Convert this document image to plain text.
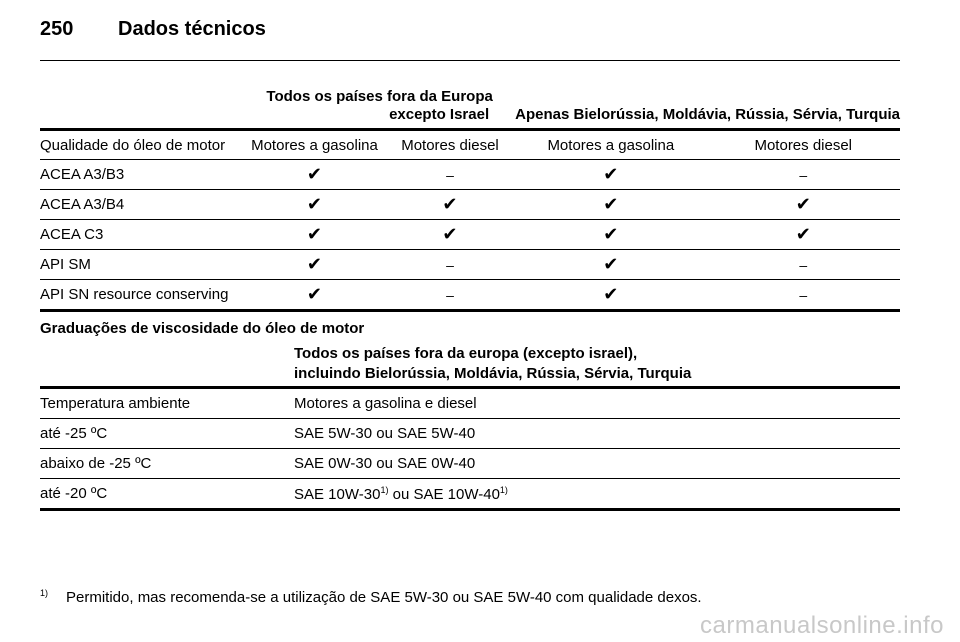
250 Dados técnicos

	Todos os países fora da Europa
excepto Israel		Apenas Bielorússia, Moldávia, Rússia, Sérvia, Turquia	
Qualidade do óleo de motor	Motores a gasolina	Motores diesel	Motores a gasolina	Motores diesel
ACEA A3/B3	✔	–	✔	–
ACEA A3/B4	✔	✔	✔	✔
ACEA C3	✔	✔	✔	✔
API SM	✔	–	✔	–
API SN resource conserving	✔	–	✔	–
Graduações de viscosidade do óleo de motor

	Todos os países fora da europa (excepto israel),
incluindo Bielorússia, Moldávia, Rússia, Sérvia, Turquia

Temperatura ambiente	Motores a gasolina e diesel
até -25 ºC	SAE 5W-30 ou SAE 5W-40
abaixo de -25 ºC	SAE 0W-30 ou SAE 0W-40
até -20 ºC	SAE 10W-30$^{1)}$ ou SAE 10W-40$^{1)}$
1) Permitido, mas recomenda-se a utilização de SAE 5W-30 ou SAE 5W-40 com qualidade dexos.
carmanualsonline.info
